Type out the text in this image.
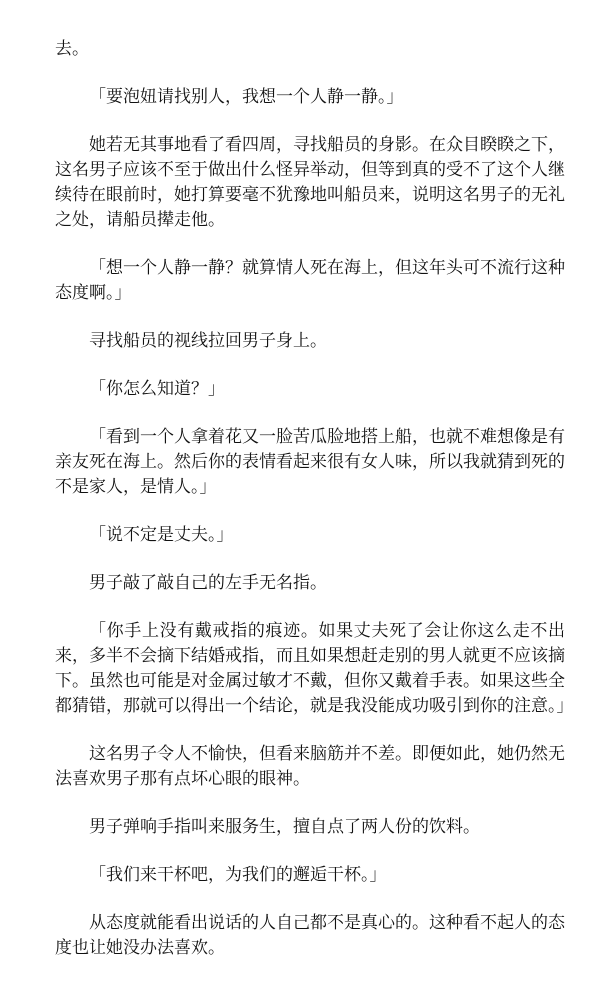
去。

「要泡妞请找别人，我想一个人静一静。」

她若无其事地看了看四周，寻找船员的身影。在众目睽睽之下，这名男子应该不至于做出什么怪异举动，但等到真的受不了这个人继续待在眼前时，她打算要毫不犹豫地叫船员来，说明这名男子的无礼之处，请船员撵走他。

「想一个人静一静？就算情人死在海上，但这年头可不流行这种态度啊。」

寻找船员的视线拉回男子身上。

「你怎么知道？」

「看到一个人拿着花又一脸苦瓜脸地搭上船，也就不难想像是有亲友死在海上。然后你的表情看起来很有女人味，所以我就猜到死的不是家人，是情人。」

「说不定是丈夫。」

男子敲了敲自己的左手无名指。

「你手上没有戴戒指的痕迹。如果丈夫死了会让你这么走不出来，多半不会摘下结婚戒指，而且如果想赶走别的男人就更不应该摘下。虽然也可能是对金属过敏才不戴，但你又戴着手表。如果这些全都猜错，那就可以得出一个结论，就是我没能成功吸引到你的注意。」

这名男子令人不愉快，但看来脑筋并不差。即便如此，她仍然无法喜欢男子那有点坏心眼的眼神。

男子弹响手指叫来服务生，擅自点了两人份的饮料。

「我们来干杯吧，为我们的邂逅干杯。」

从态度就能看出说话的人自己都不是真心的。这种看不起人的态度也让她没办法喜欢。
